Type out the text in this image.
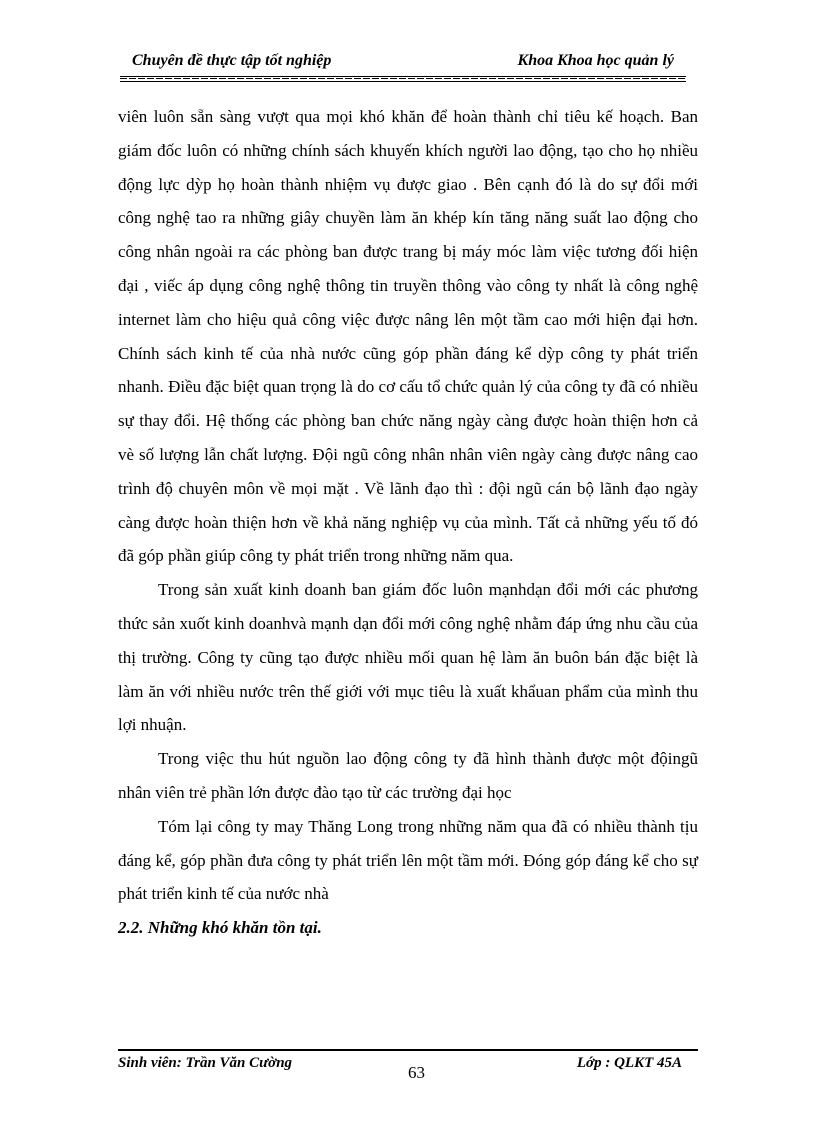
Chuyên đề thực tập tốt nghiệp	Khoa Khoa học quản lý

viên luôn sẵn sàng vượt qua mọi khó khăn để hoàn thành chỉ tiêu kế hoạch. Ban giám đốc luôn có những chính sách khuyến khích người lao động, tạo cho họ nhiều động lực dỳp họ hoàn thành nhiệm vụ được giao . Bên cạnh đó là do sự đổi mới công nghệ tao ra những giây chuyền làm ăn khép kín tăng năng suất lao động cho công nhân ngoài ra các phòng ban được trang bị máy móc làm việc tương đối hiện đại , viếc áp dụng công nghệ thông tin truyền thông vào công ty nhất là công nghệ internet làm cho hiệu quả công việc được nâng lên một tầm cao mới hiện đại hơn. Chính sách kinh tế của nhà nước cũng góp phần đáng kể dỳp công ty phát triển nhanh. Điều đặc biệt quan trọng là do cơ cấu tổ chức quản lý của công ty đã có nhiều sự thay đổi. Hệ thống các phòng ban chức năng ngày càng được hoàn thiện hơn cả vè số lượng lẫn chất lượng. Đội ngũ công nhân nhân viên ngày càng được nâng cao trình độ chuyên môn về mọi mặt . Về lãnh đạo thì : đội ngũ cán bộ lãnh đạo ngày càng được hoàn thiện hơn về khả năng nghiệp vụ của mình. Tất cả những yếu tố đó đã góp phần giúp công ty phát triển trong những năm qua.

Trong sản xuất kinh doanh ban giám đốc luôn mạnhdạn đổi mới các phương thức sản xuốt kinh doanhvà mạnh dạn đổi mới công nghệ nhằm đáp ứng nhu cầu của thị trường. Công ty cũng tạo được nhiều mối quan hệ làm ăn buôn bán đặc biệt là làm ăn với nhiều nước trên thế giới với mục tiêu là xuất khẩuan phẩm của mình thu lợi nhuận.

Trong việc thu hút nguồn lao động công ty đã hình thành được một độingũ nhân viên trẻ phần lớn được đào tạo từ các trường đại học

Tóm lại công ty may Thăng Long trong những năm qua đã có nhiều thành tịu đáng kể, góp phần đưa công ty phát triển lên một tầm mới. Đóng góp đáng kể cho sự phát triển kinh tế của nước nhà

2.2. Những khó khăn tồn tại.

Sinh viên: Trần Văn Cường	63	Lớp : QLKT 45A
